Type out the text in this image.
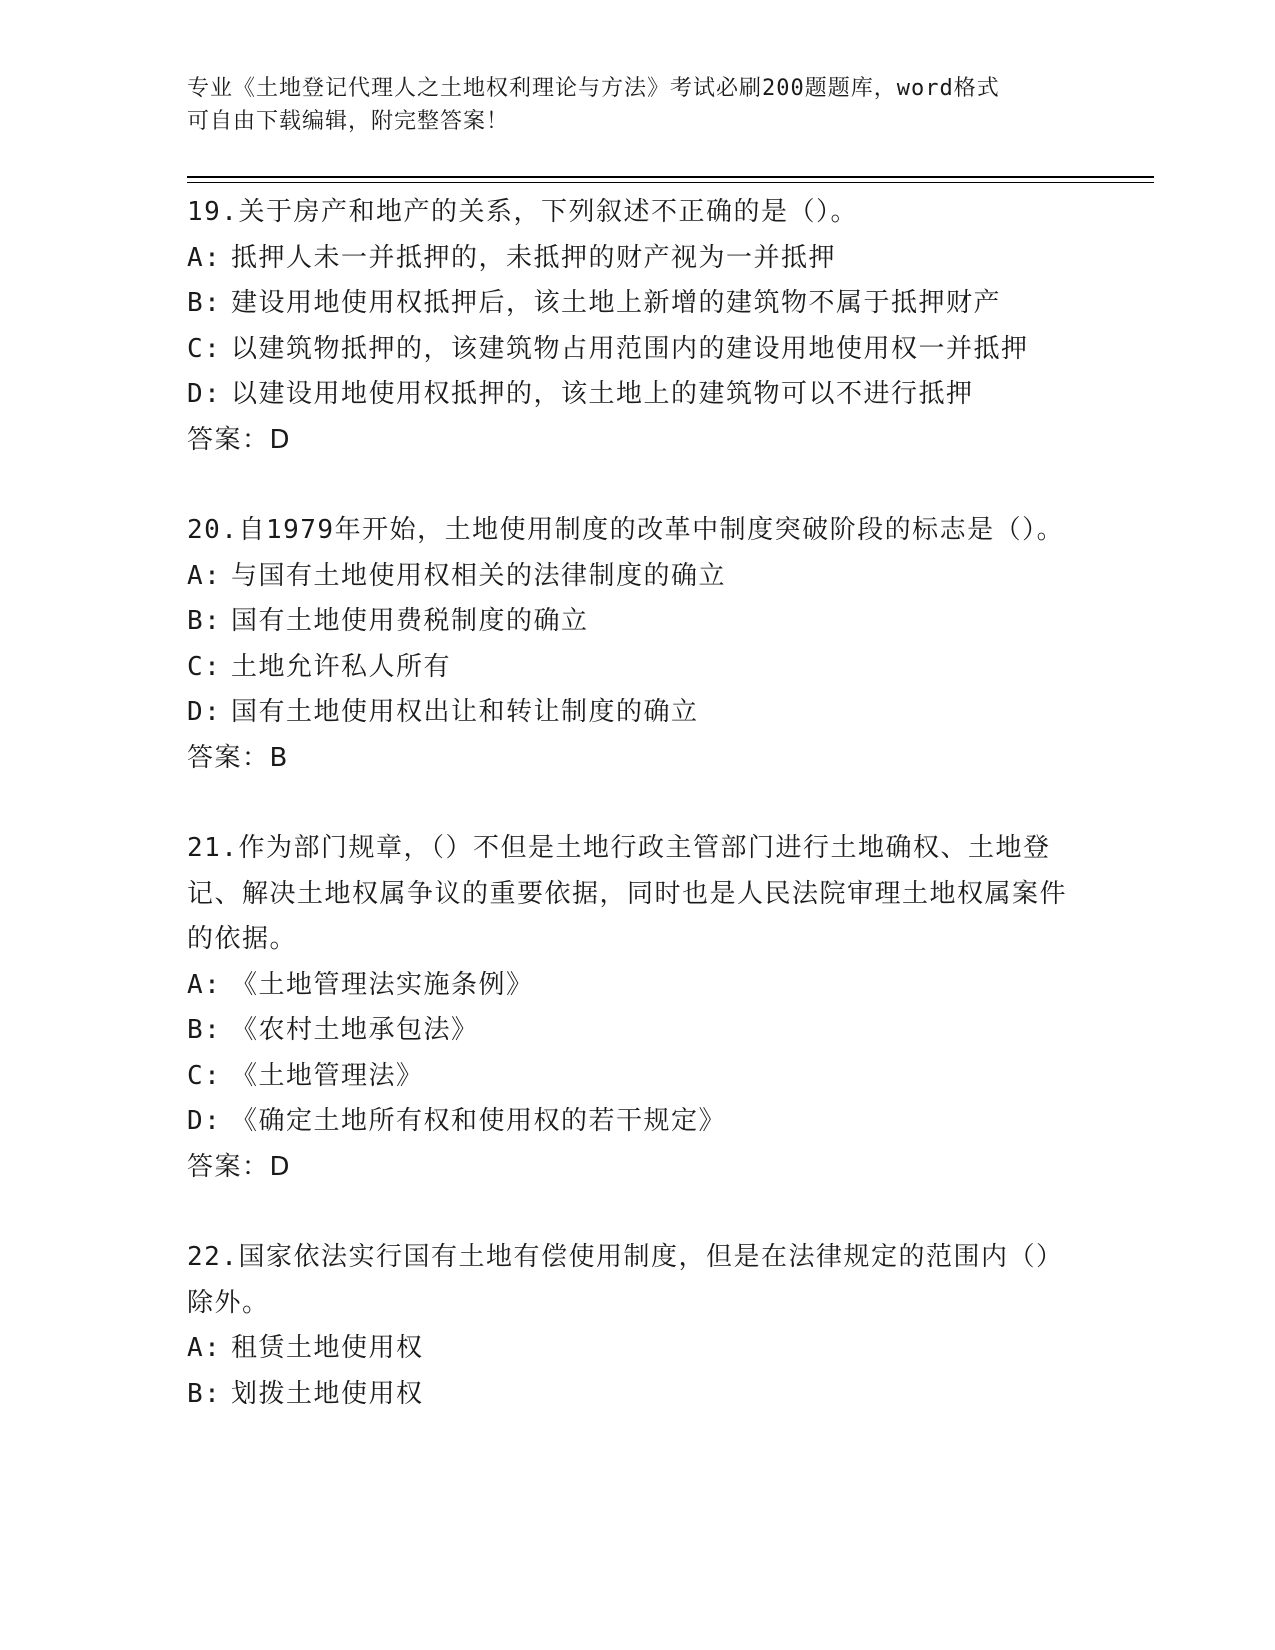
专业《土地登记代理人之土地权利理论与方法》考试必刷200题题库，word格式
可自由下载编辑，附完整答案！

19.关于房产和地产的关系，下列叙述不正确的是（）。

A: 抵押人未一并抵押的，未抵押的财产视为一并抵押

B: 建设用地使用权抵押后，该土地上新增的建筑物不属于抵押财产

C: 以建筑物抵押的，该建筑物占用范围内的建设用地使用权一并抵押

D: 以建设用地使用权抵押的，该土地上的建筑物可以不进行抵押

答案：D

20.自1979年开始，土地使用制度的改革中制度突破阶段的标志是（）。

A: 与国有土地使用权相关的法律制度的确立

B: 国有土地使用费税制度的确立

C: 土地允许私人所有

D: 国有土地使用权出让和转让制度的确立

答案：B

21.作为部门规章，（）不但是土地行政主管部门进行土地确权、土地登记、解决土地权属争议的重要依据，同时也是人民法院审理土地权属案件的依据。

A: 《土地管理法实施条例》

B: 《农村土地承包法》

C: 《土地管理法》

D: 《确定土地所有权和使用权的若干规定》

答案：D

22.国家依法实行国有土地有偿使用制度，但是在法律规定的范围内（）除外。

A: 租赁土地使用权

B: 划拨土地使用权
